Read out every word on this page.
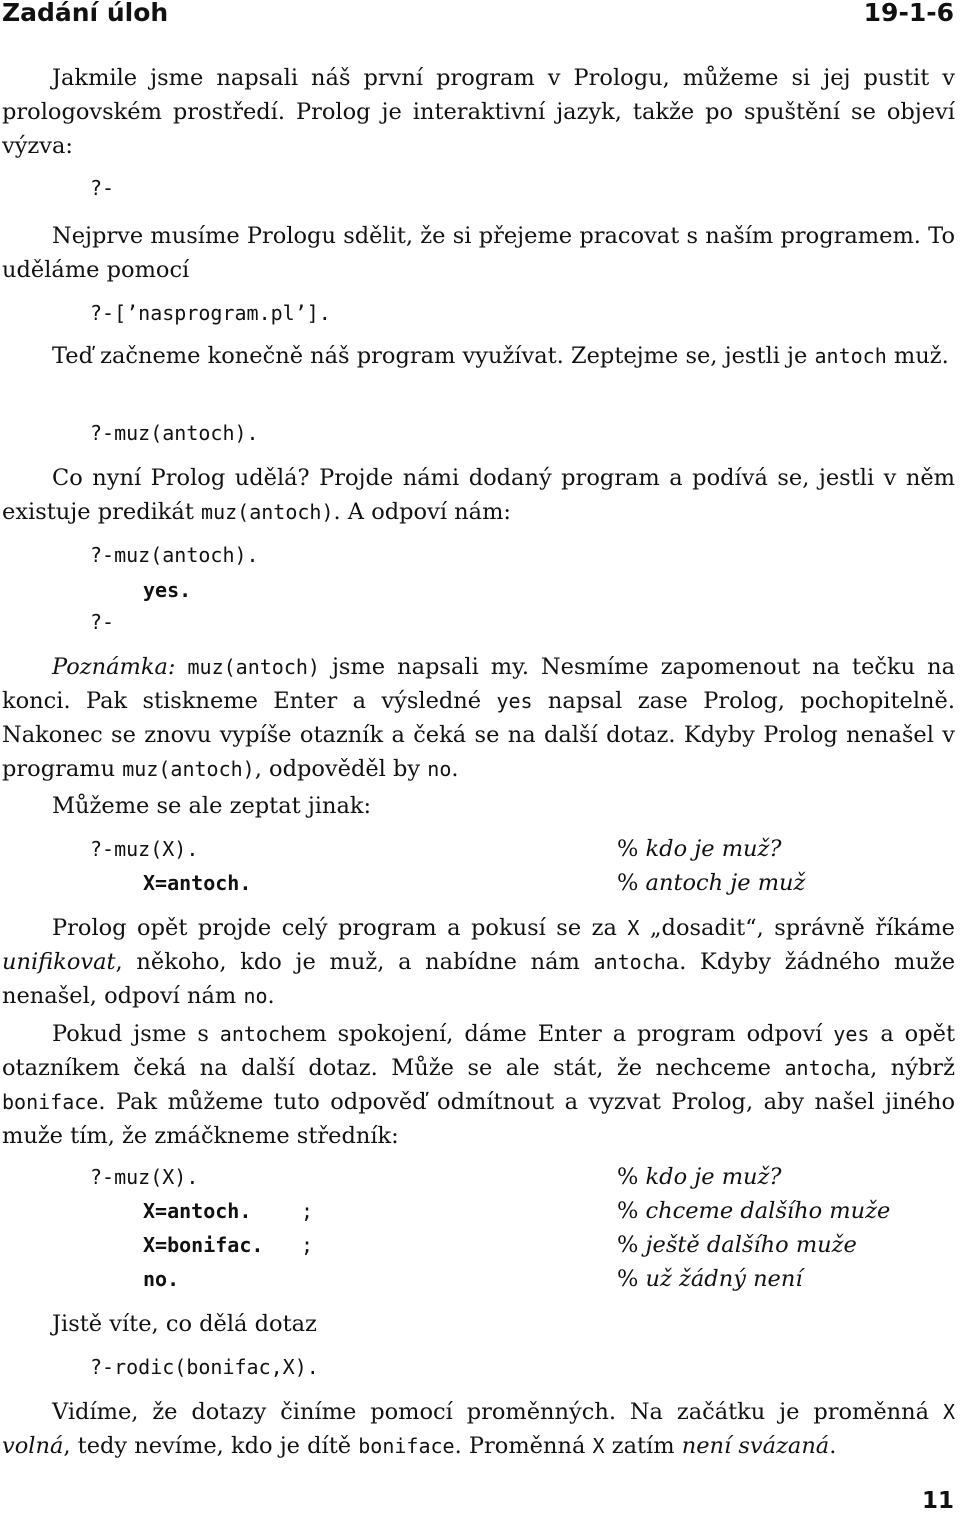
Zadání úloh	19-1-6
Jakmile jsme napsali náš první program v Prologu, můžeme si jej pustit v prologovském prostředí. Prolog je interaktivní jazyk, takže po spuštění se objeví výzva:
?-
Nejprve musíme Prologu sdělit, že si přejeme pracovat s naším programem. To uděláme pomocí
?-[’nasprogram.pl’].
Teď začneme konečně náš program využívat. Zeptejme se, jestli je antoch muž.
?-muz(antoch).
Co nyní Prolog udělá? Projde námi dodaný program a podívá se, jestli v něm existuje predikát muz(antoch). A odpoví nám:
?-muz(antoch).
yes.
?-
Poznámka: muz(antoch) jsme napsali my. Nesmíme zapomenout na tečku na konci. Pak stiskneme Enter a výsledné yes napsal zase Prolog, pochopitelně. Nakonec se znovu vypíše otazník a čeká se na další dotaz. Kdyby Prolog nenašel v programu muz(antoch), odpověděl by no.
Můžeme se ale zeptat jinak:
?-muz(X).	% kdo je muž?
X=antoch.	% antoch je muž
Prolog opět projde celý program a pokusí se za X „dosadit“, správně říkáme unifikovat, někoho, kdo je muž, a nabídne nám antocha. Kdyby žádného muže nenašel, odpoví nám no.
Pokud jsme s antochem spokojení, dáme Enter a program odpoví yes a opět otazníkem čeká na další dotaz. Může se ale stát, že nechceme antocha, nýbrž boniface. Pak můžeme tuto odpověď odmítnout a vyzvat Prolog, aby našel jiného muže tím, že zmáčkneme středník:
?-muz(X).	% kdo je muž?
X=antoch. ;	% chceme dalšího muže
X=bonifac. ;	% ještě dalšího muže
no.	% už žádný není
Jistě víte, co dělá dotaz
?-rodic(bonifac,X).
Vidíme, že dotazy činíme pomocí proměnných. Na začátku je proměnná X volná, tedy nevíme, kdo je dítě boniface. Proměnná X zatím není svázaná.
11
